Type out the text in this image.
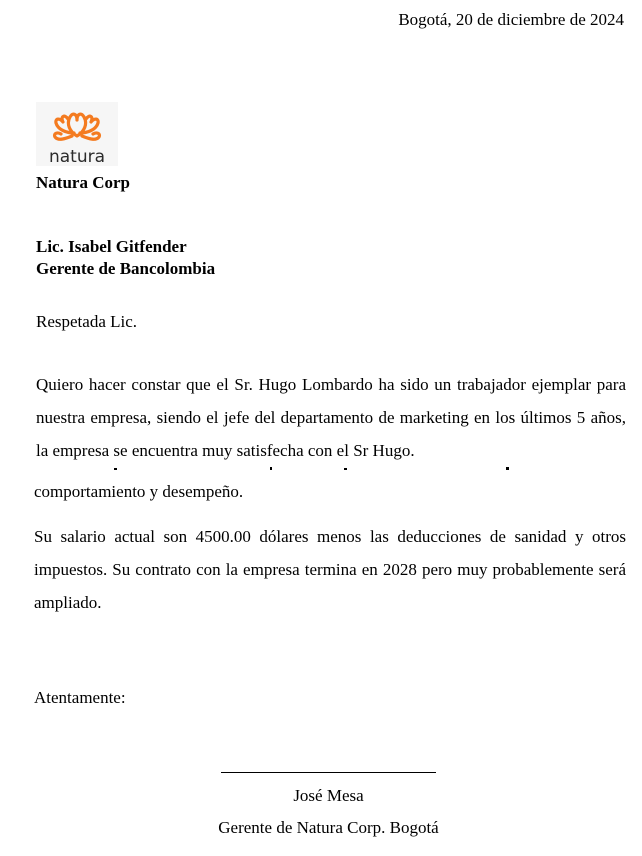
Bogotá, 20 de diciembre de 2024
natura
Natura Corp
Lic. Isabel Gitfender
Gerente de Bancolombia
Respetada Lic.
Quiero hacer constar que el Sr. Hugo Lombardo ha sido un trabajador ejemplar para nuestra empresa, siendo el jefe del departamento de marketing en los últimos 5 años, la empresa se encuentra muy satisfecha con el Sr Hugo.
comportamiento y desempeño.
Su salario actual son 4500.00 dólares menos las deducciones de sanidad y otros impuestos. Su contrato con la empresa termina en 2028 pero muy probablemente será ampliado.
Atentamente:
José Mesa
Gerente de Natura Corp. Bogotá
